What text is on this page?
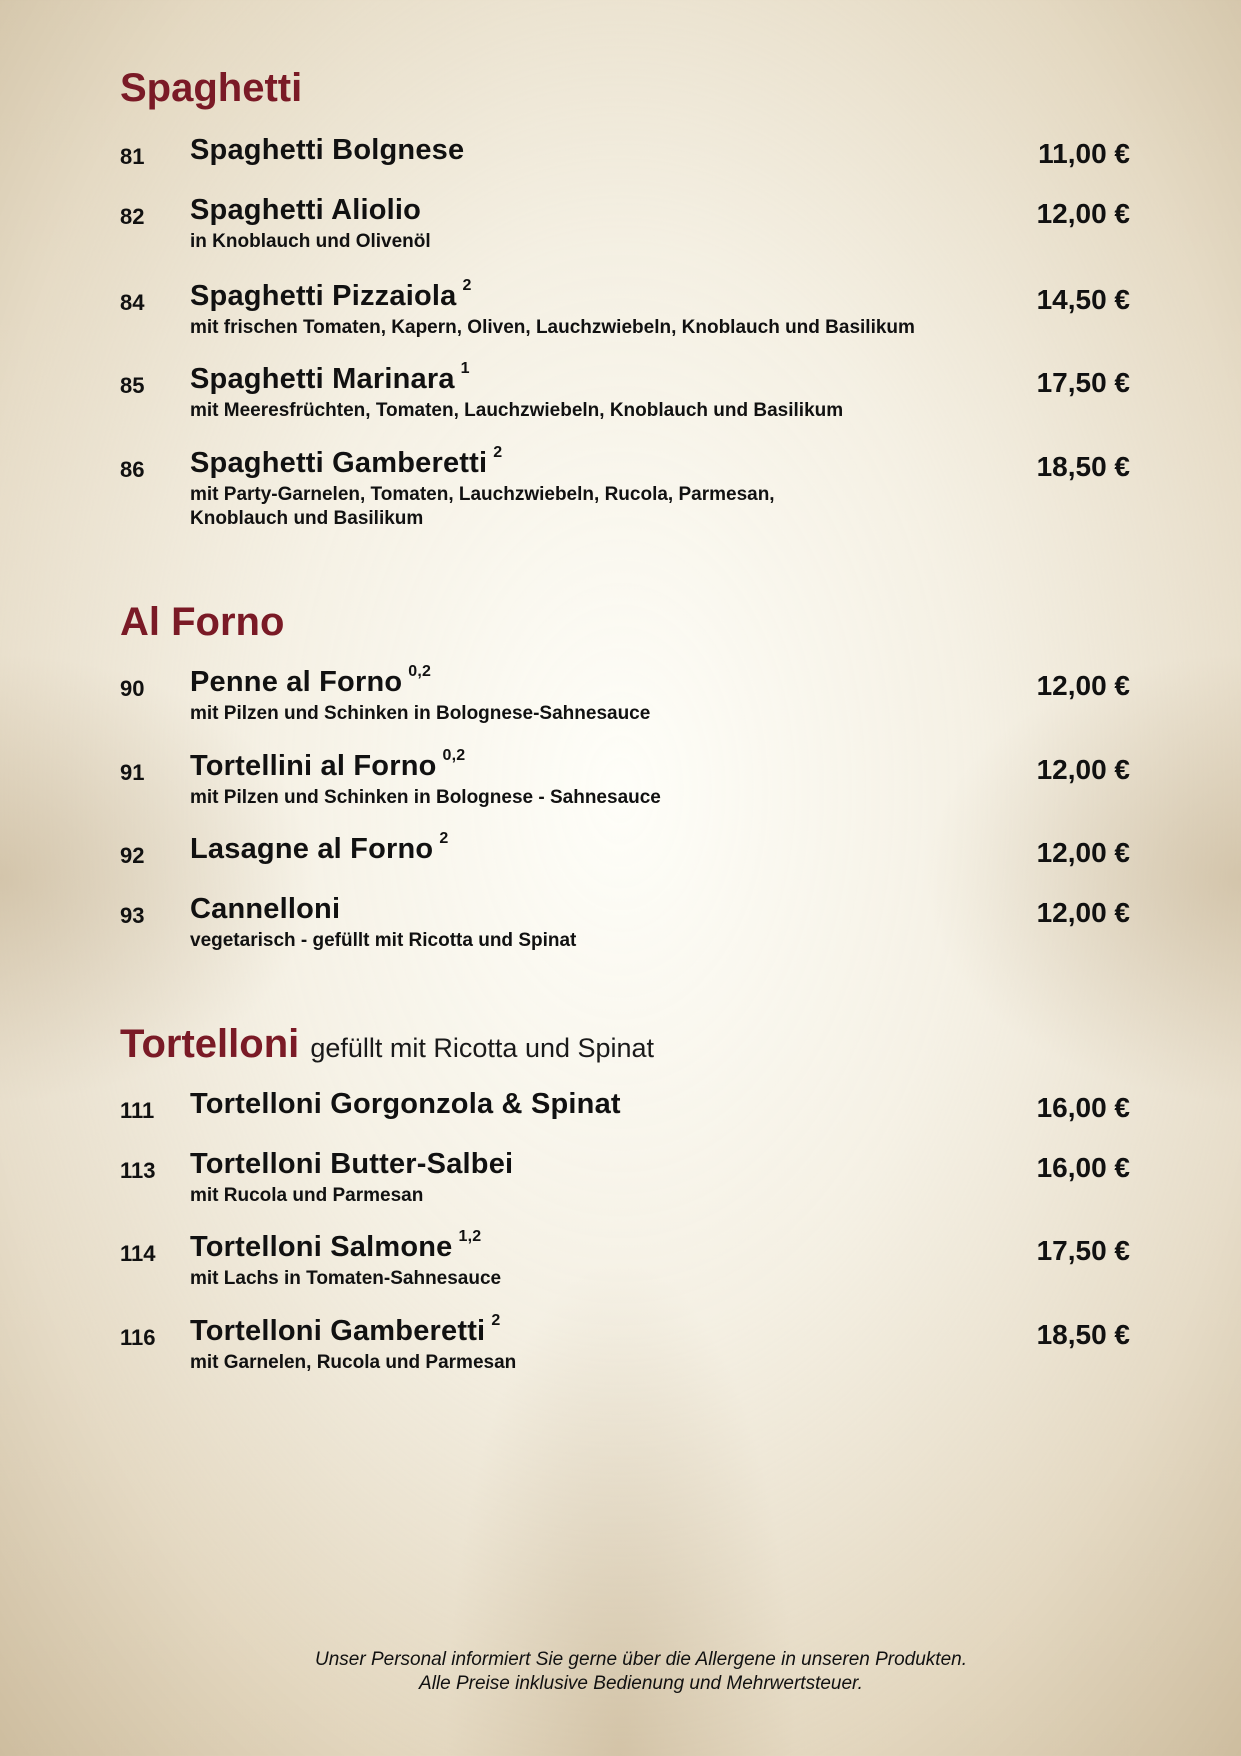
Spaghetti
81 Spaghetti Bolgnese	11,00 €
82 Spaghetti Aliolio
in Knoblauch und Olivenöl
12,00 €
84 Spaghetti Pizzaiola $^2$
mit frischen Tomaten, Kapern, Oliven, Lauchzwiebeln, Knoblauch und Basilikum
14,50 €
85 Spaghetti Marinara $^1$
mit Meeresfrüchten, Tomaten, Lauchzwiebeln, Knoblauch und Basilikum
17,50 €
86 Spaghetti Gamberetti $^2$
mit Party-Garnelen, Tomaten, Lauchzwiebeln, Rucola, Parmesan, Knoblauch und Basilikum
18,50 €
Al Forno
90 Penne al Forno $^{0,2}$
mit Pilzen und Schinken in Bolognese-Sahnesauce
12,00 €
91 Tortellini al Forno $^{0,2}$
mit Pilzen und Schinken in Bolognese - Sahnesauce
12,00 €
92 Lasagne al Forno $^2$	12,00 €
93 Cannelloni
vegetarisch - gefüllt mit Ricotta und Spinat
12,00 €
Tortelloni gefüllt mit Ricotta und Spinat
111 Tortelloni Gorgonzola & Spinat	16,00 €
113 Tortelloni Butter-Salbei
mit Rucola und Parmesan
16,00 €
114 Tortelloni Salmone $^{1,2}$
mit Lachs in Tomaten-Sahnesauce
17,50 €
116 Tortelloni Gamberetti $^2$
mit Garnelen, Rucola und Parmesan
18,50 €
Unser Personal informiert Sie gerne über die Allergene in unseren Produkten.
Alle Preise inklusive Bedienung und Mehrwertsteuer.
